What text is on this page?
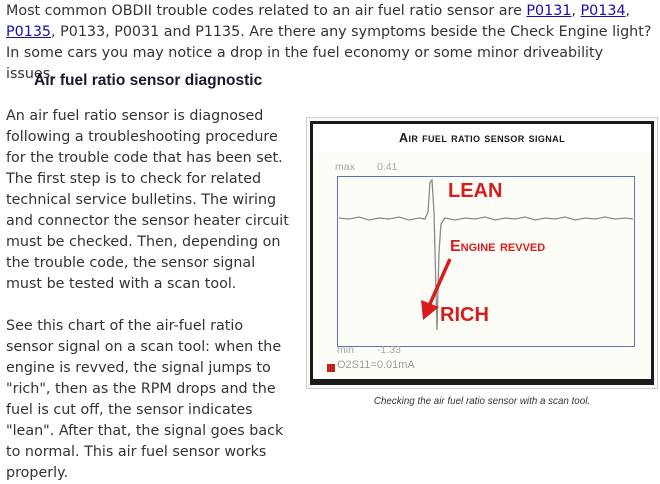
Most common OBDII trouble codes related to an air fuel ratio sensor are P0131, P0134, P0135, P0133, P0031 and P1135. Are there any symptoms beside the Check Engine light? In some cars you may notice a drop in the fuel economy or some minor driveability issues.

Air fuel ratio sensor diagnostic

An air fuel ratio sensor is diagnosed following a troubleshooting procedure for the trouble code that has been set. The first step is to check for related technical service bulletins. The wiring and connector the sensor heater circuit must be checked. Then, depending on the trouble code, the sensor signal must be tested with a scan tool.

See this chart of the air-fuel ratio sensor signal on a scan tool: when the engine is revved, the signal jumps to "rich", then as the RPM drops and the fuel is cut off, the sensor indicates "lean". After that, the signal goes back to normal. This air fuel sensor works properly.

Air fuel ratio sensor signal
max 0.41
LEAN
Engine revved
RICH
min -1.33
O2S11=0.01mA
Checking the air fuel ratio sensor with a scan tool.
